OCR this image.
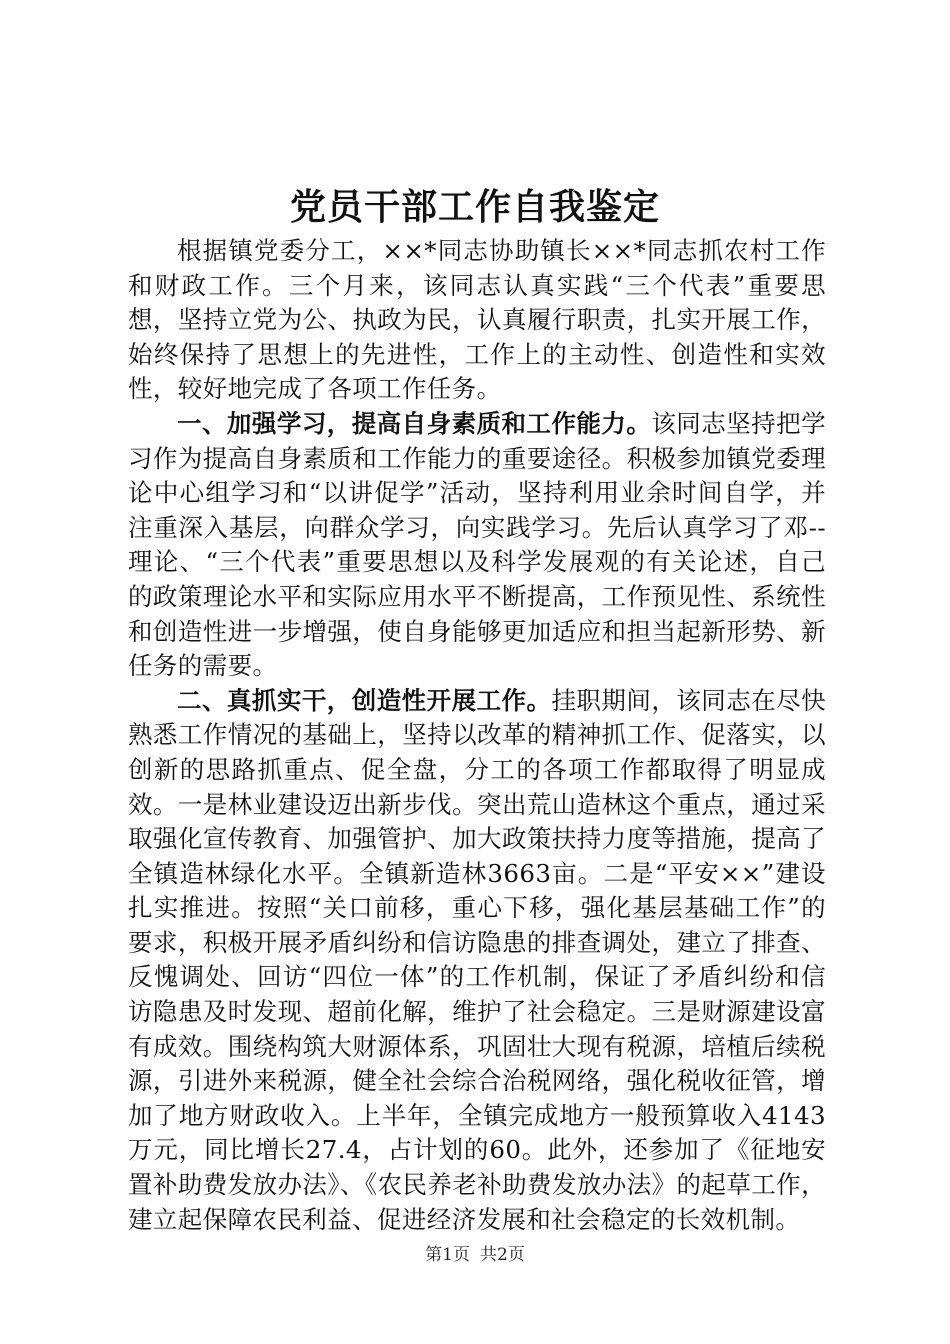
党员干部工作自我鉴定

根据镇党委分工，××*同志协助镇长××*同志抓农村工作和财政工作。三个月来，该同志认真实践“三个代表”重要思想，坚持立党为公、执政为民，认真履行职责，扎实开展工作，始终保持了思想上的先进性，工作上的主动性、创造性和实效性，较好地完成了各项工作任务。

一、加强学习，提高自身素质和工作能力。该同志坚持把学习作为提高自身素质和工作能力的重要途径。积极参加镇党委理论中心组学习和“以讲促学”活动，坚持利用业余时间自学，并注重深入基层，向群众学习，向实践学习。先后认真学习了邓--理论、“三个代表”重要思想以及科学发展观的有关论述，自己的政策理论水平和实际应用水平不断提高，工作预见性、系统性和创造性进一步增强，使自身能够更加适应和担当起新形势、新任务的需要。

二、真抓实干，创造性开展工作。挂职期间，该同志在尽快熟悉工作情况的基础上，坚持以改革的精神抓工作、促落实，以创新的思路抓重点、促全盘，分工的各项工作都取得了明显成效。一是林业建设迈出新步伐。突出荒山造林这个重点，通过采取强化宣传教育、加强管护、加大政策扶持力度等措施，提高了全镇造林绿化水平。全镇新造林3663亩。二是“平安××”建设扎实推进。按照“关口前移，重心下移，强化基层基础工作”的要求，积极开展矛盾纠纷和信访隐患的排查调处，建立了排查、反愧调处、回访“四位一体”的工作机制，保证了矛盾纠纷和信访隐患及时发现、超前化解，维护了社会稳定。三是财源建设富有成效。围绕构筑大财源体系，巩固壮大现有税源，培植后续税源，引进外来税源，健全社会综合治税网络，强化税收征管，增加了地方财政收入。上半年，全镇完成地方一般预算收入4143万元，同比增长27.4，占计划的60。此外，还参加了《征地安置补助费发放办法》、《农民养老补助费发放办法》的起草工作，建立起保障农民利益、促进经济发展和社会稳定的长效机制。

第1页 共2页
